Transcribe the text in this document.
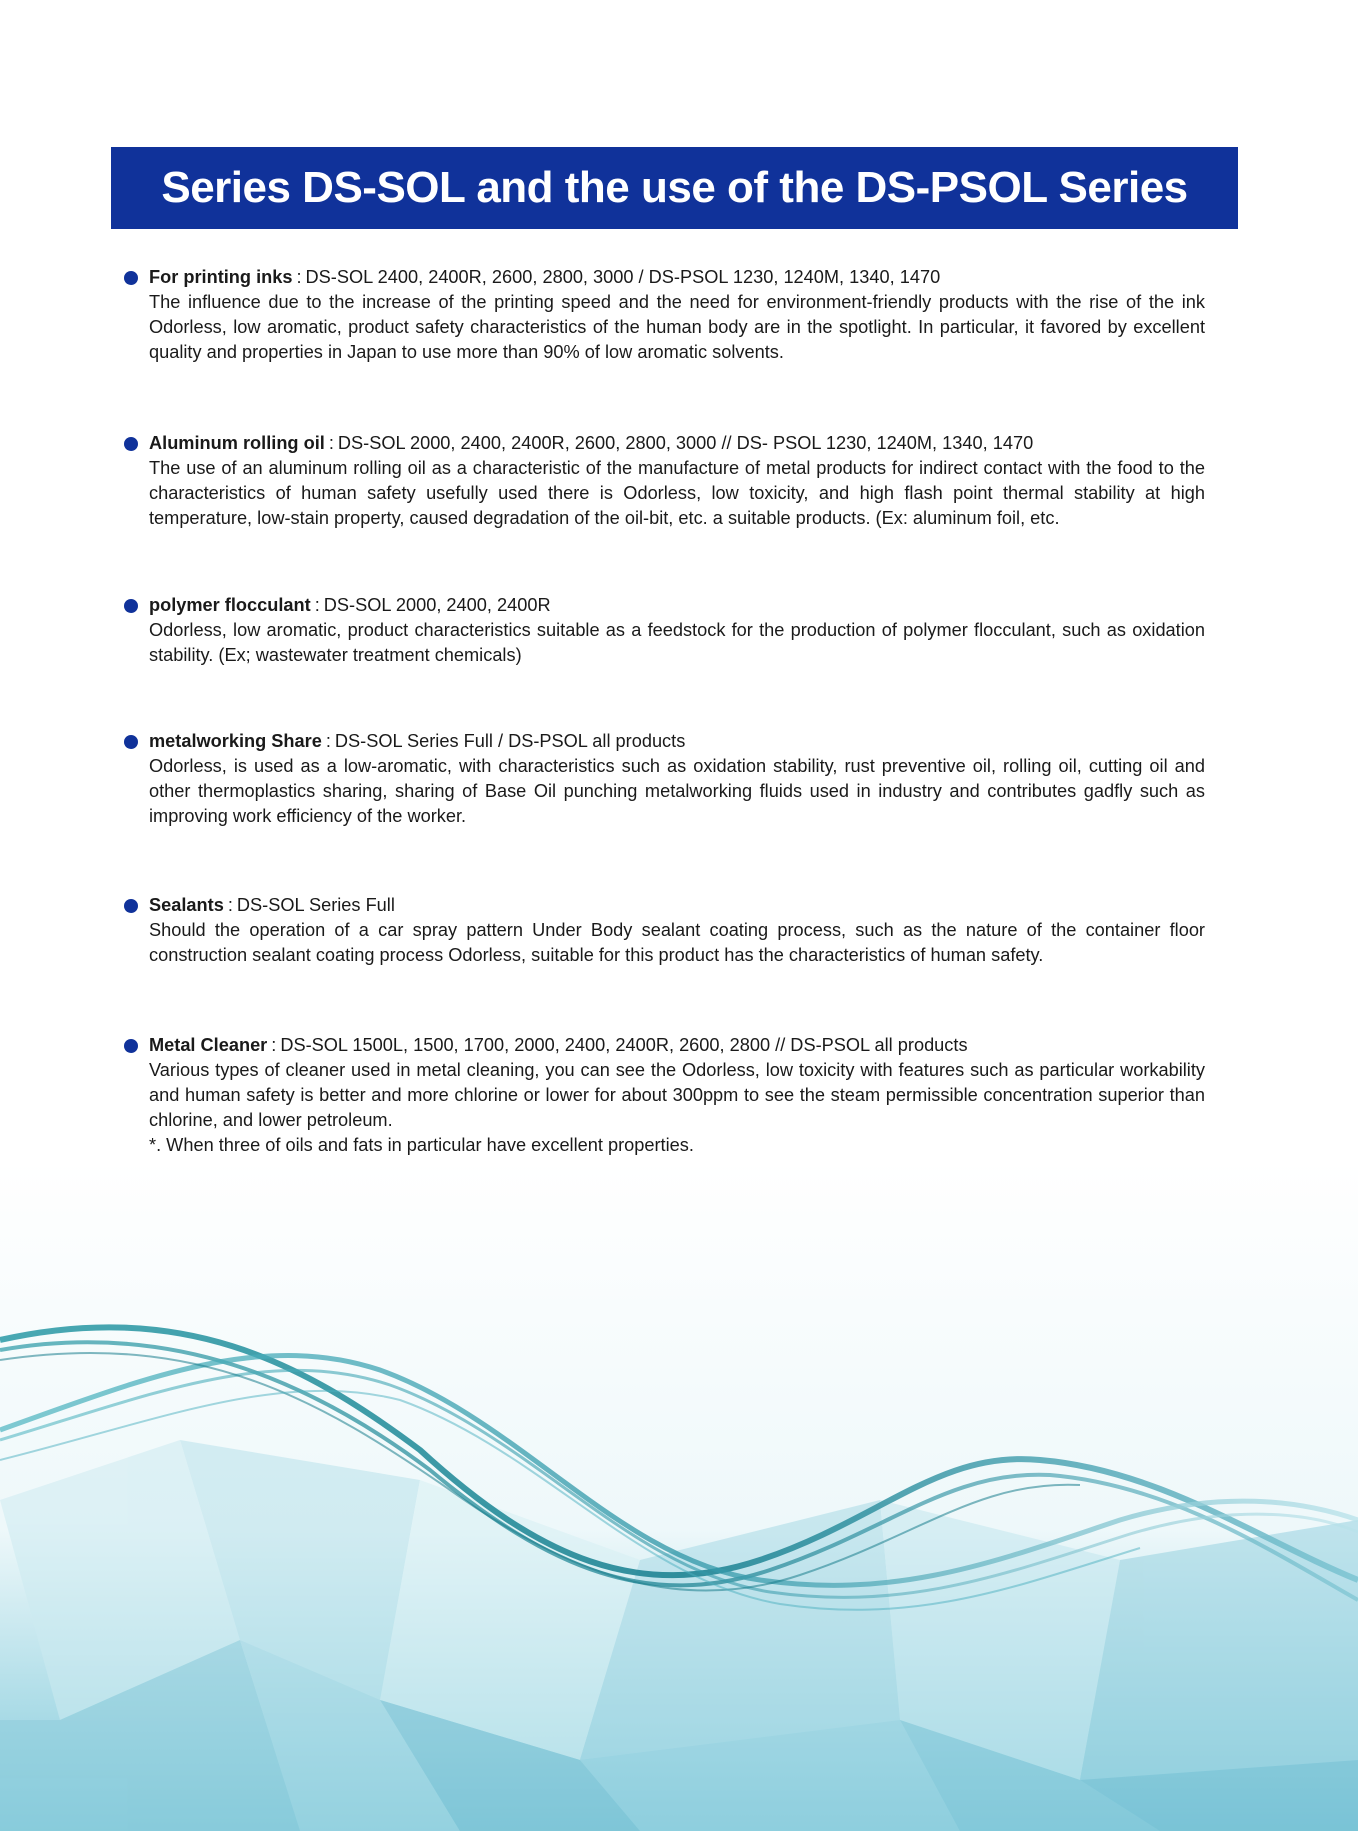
Series DS-SOL and the use of the DS-PSOL Series
For printing inks : DS-SOL 2400, 2400R, 2600, 2800, 3000 / DS-PSOL 1230, 1240M, 1340, 1470

The influence due to the increase of the printing speed and the need for environment-friendly products with the rise of the ink Odorless, low aromatic, product safety characteristics of the human body are in the spotlight. In particular, it favored by excellent quality and properties in Japan to use more than 90% of low aromatic solvents.

Aluminum rolling oil : DS-SOL 2000, 2400, 2400R, 2600, 2800, 3000 // DS- PSOL 1230, 1240M, 1340, 1470

The use of an aluminum rolling oil as a characteristic of the manufacture of metal products for indirect contact with the food to the characteristics of human safety usefully used there is Odorless, low toxicity, and high flash point thermal stability at high temperature, low-stain property, caused degradation of the oil-bit, etc. a suitable products. (Ex: aluminum foil, etc.

polymer flocculant : DS-SOL 2000, 2400, 2400R

Odorless, low aromatic, product characteristics suitable as a feedstock for the production of polymer flocculant, such as oxidation stability. (Ex; wastewater treatment chemicals)

metalworking Share : DS-SOL Series Full / DS-PSOL all products

Odorless, is used as a low-aromatic, with characteristics such as oxidation stability, rust preventive oil, rolling oil, cutting oil and other thermoplastics sharing, sharing of Base Oil punching metalworking fluids used in industry and contributes gadfly such as improving work efficiency of the worker.

Sealants : DS-SOL Series Full

Should the operation of a car spray pattern Under Body sealant coating process, such as the nature of the container floor construction sealant coating process Odorless, suitable for this product has the characteristics of human safety.

Metal Cleaner : DS-SOL 1500L, 1500, 1700, 2000, 2400, 2400R, 2600, 2800 // DS-PSOL all products

Various types of cleaner used in metal cleaning, you can see the Odorless, low toxicity with features such as particular workability and human safety is better and more chlorine or lower for about 300ppm to see the steam permissible concentration superior than chlorine, and lower petroleum.

*. When three of oils and fats in particular have excellent properties.
